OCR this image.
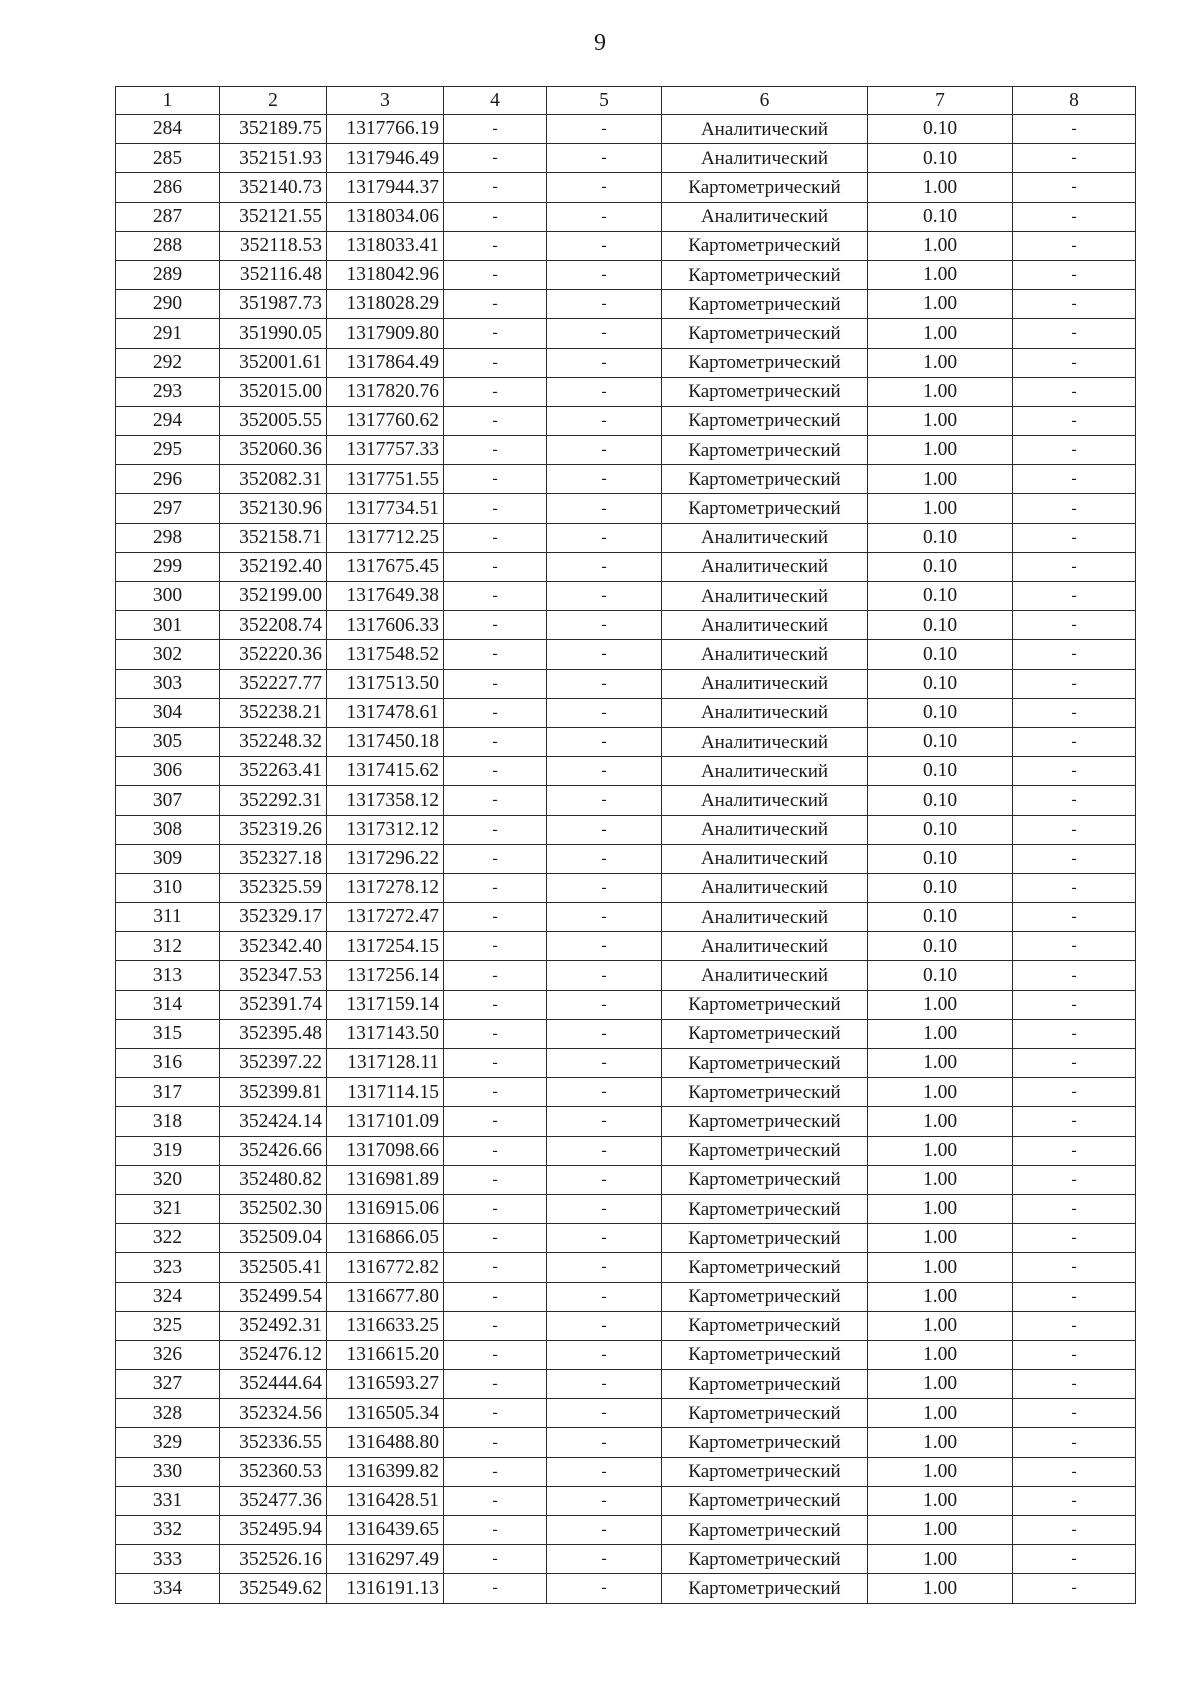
9
1	2	3	4	5	6	7	8
284	352189.75	1317766.19	-	-	Аналитический	0.10	-
285	352151.93	1317946.49	-	-	Аналитический	0.10	-
286	352140.73	1317944.37	-	-	Картометрический	1.00	-
287	352121.55	1318034.06	-	-	Аналитический	0.10	-
288	352118.53	1318033.41	-	-	Картометрический	1.00	-
289	352116.48	1318042.96	-	-	Картометрический	1.00	-
290	351987.73	1318028.29	-	-	Картометрический	1.00	-
291	351990.05	1317909.80	-	-	Картометрический	1.00	-
292	352001.61	1317864.49	-	-	Картометрический	1.00	-
293	352015.00	1317820.76	-	-	Картометрический	1.00	-
294	352005.55	1317760.62	-	-	Картометрический	1.00	-
295	352060.36	1317757.33	-	-	Картометрический	1.00	-
296	352082.31	1317751.55	-	-	Картометрический	1.00	-
297	352130.96	1317734.51	-	-	Картометрический	1.00	-
298	352158.71	1317712.25	-	-	Аналитический	0.10	-
299	352192.40	1317675.45	-	-	Аналитический	0.10	-
300	352199.00	1317649.38	-	-	Аналитический	0.10	-
301	352208.74	1317606.33	-	-	Аналитический	0.10	-
302	352220.36	1317548.52	-	-	Аналитический	0.10	-
303	352227.77	1317513.50	-	-	Аналитический	0.10	-
304	352238.21	1317478.61	-	-	Аналитический	0.10	-
305	352248.32	1317450.18	-	-	Аналитический	0.10	-
306	352263.41	1317415.62	-	-	Аналитический	0.10	-
307	352292.31	1317358.12	-	-	Аналитический	0.10	-
308	352319.26	1317312.12	-	-	Аналитический	0.10	-
309	352327.18	1317296.22	-	-	Аналитический	0.10	-
310	352325.59	1317278.12	-	-	Аналитический	0.10	-
311	352329.17	1317272.47	-	-	Аналитический	0.10	-
312	352342.40	1317254.15	-	-	Аналитический	0.10	-
313	352347.53	1317256.14	-	-	Аналитический	0.10	-
314	352391.74	1317159.14	-	-	Картометрический	1.00	-
315	352395.48	1317143.50	-	-	Картометрический	1.00	-
316	352397.22	1317128.11	-	-	Картометрический	1.00	-
317	352399.81	1317114.15	-	-	Картометрический	1.00	-
318	352424.14	1317101.09	-	-	Картометрический	1.00	-
319	352426.66	1317098.66	-	-	Картометрический	1.00	-
320	352480.82	1316981.89	-	-	Картометрический	1.00	-
321	352502.30	1316915.06	-	-	Картометрический	1.00	-
322	352509.04	1316866.05	-	-	Картометрический	1.00	-
323	352505.41	1316772.82	-	-	Картометрический	1.00	-
324	352499.54	1316677.80	-	-	Картометрический	1.00	-
325	352492.31	1316633.25	-	-	Картометрический	1.00	-
326	352476.12	1316615.20	-	-	Картометрический	1.00	-
327	352444.64	1316593.27	-	-	Картометрический	1.00	-
328	352324.56	1316505.34	-	-	Картометрический	1.00	-
329	352336.55	1316488.80	-	-	Картометрический	1.00	-
330	352360.53	1316399.82	-	-	Картометрический	1.00	-
331	352477.36	1316428.51	-	-	Картометрический	1.00	-
332	352495.94	1316439.65	-	-	Картометрический	1.00	-
333	352526.16	1316297.49	-	-	Картометрический	1.00	-
334	352549.62	1316191.13	-	-	Картометрический	1.00	-
